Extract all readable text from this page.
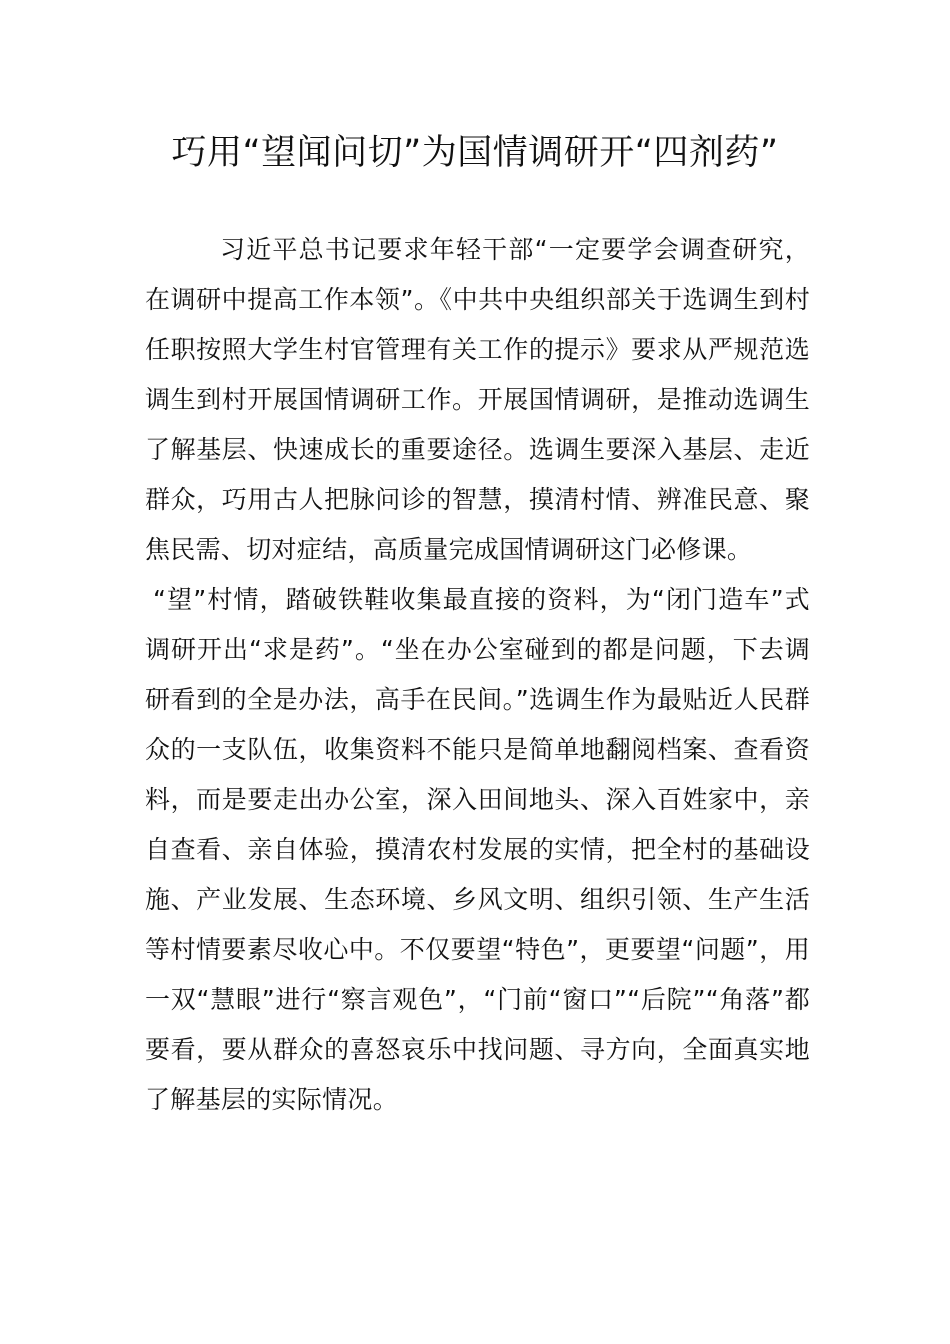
巧用“望闻问切”为国情调研开“四剂药”

习近平总书记要求年轻干部“一定要学会调查研究，在调研中提高工作本领”。《中共中央组织部关于选调生到村任职按照大学生村官管理有关工作的提示》要求从严规范选调生到村开展国情调研工作。开展国情调研，是推动选调生了解基层、快速成长的重要途径。选调生要深入基层、走近群众，巧用古人把脉问诊的智慧，摸清村情、辨准民意、聚焦民需、切对症结，高质量完成国情调研这门必修课。

“望”村情，踏破铁鞋收集最直接的资料，为“闭门造车”式调研开出“求是药”。“坐在办公室碰到的都是问题，下去调研看到的全是办法，高手在民间。”选调生作为最贴近人民群众的一支队伍，收集资料不能只是简单地翻阅档案、查看资料，而是要走出办公室，深入田间地头、深入百姓家中，亲自查看、亲自体验，摸清农村发展的实情，把全村的基础设施、产业发展、生态环境、乡风文明、组织引领、生产生活等村情要素尽收心中。不仅要望“特色”，更要望“问题”，用一双“慧眼”进行“察言观色”，“门前“窗口”“后院”“角落”都要看，要从群众的喜怒哀乐中找问题、寻方向，全面真实地了解基层的实际情况。
